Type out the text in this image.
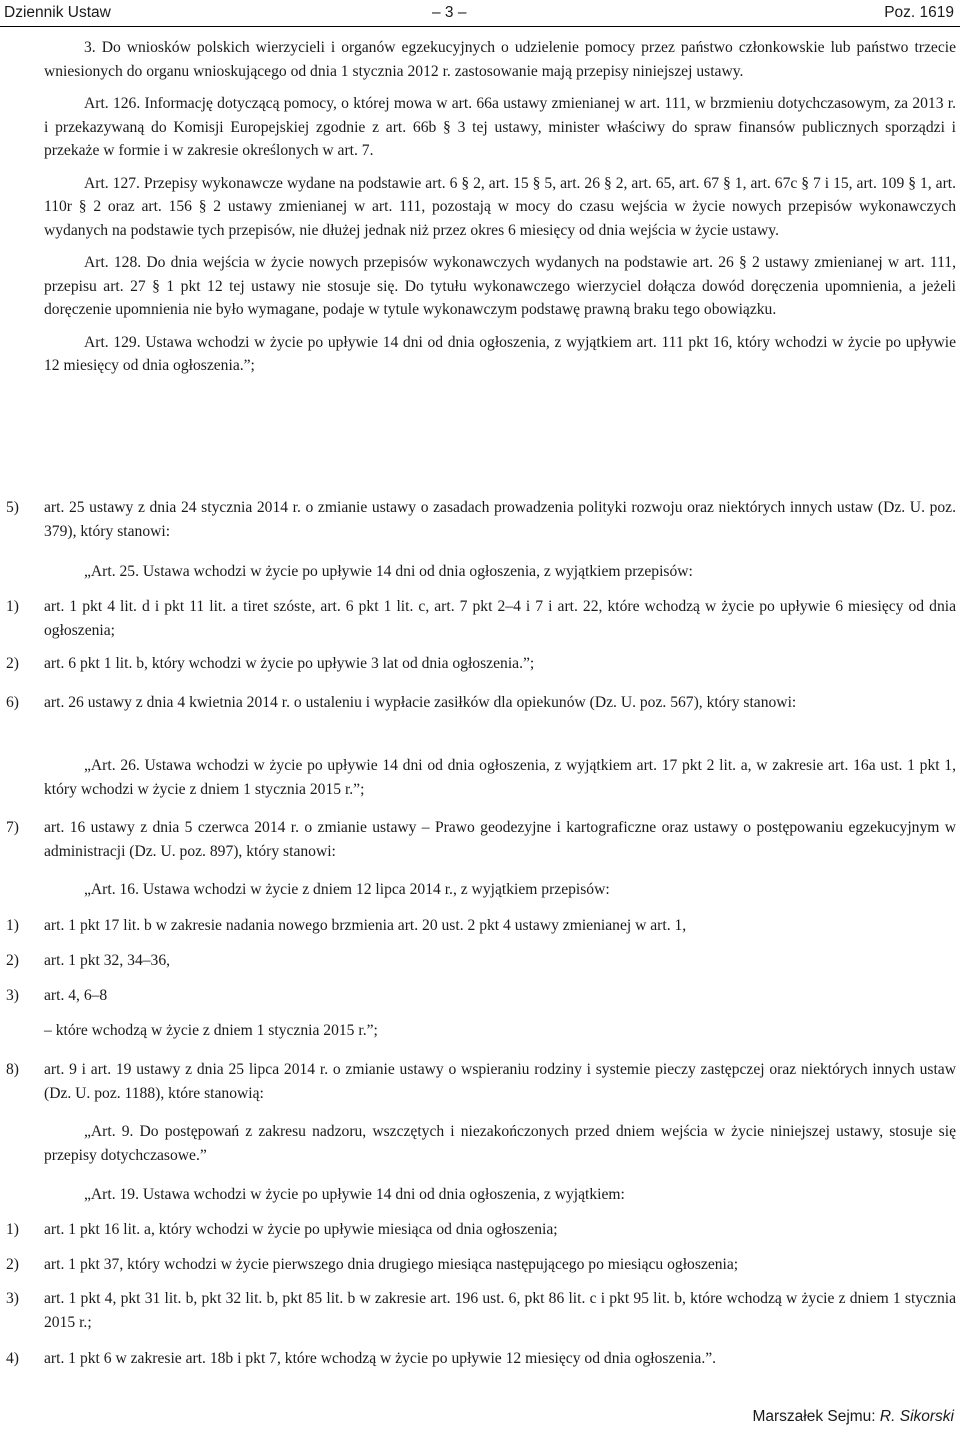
Dziennik Ustaw	– 3 –	Poz. 1619

3. Do wniosków polskich wierzycieli i organów egzekucyjnych o udzielenie pomocy przez państwo członkowskie lub państwo trzecie wniesionych do organu wnioskującego od dnia 1 stycznia 2012 r. zastosowanie mają przepisy niniejszej ustawy.

Art. 126. Informację dotyczącą pomocy, o której mowa w art. 66a ustawy zmienianej w art. 111, w brzmieniu dotychczasowym, za 2013 r. i przekazywaną do Komisji Europejskiej zgodnie z art. 66b § 3 tej ustawy, minister właściwy do spraw finansów publicznych sporządzi i przekaże w formie i w zakresie określonych w art. 7.

Art. 127. Przepisy wykonawcze wydane na podstawie art. 6 § 2, art. 15 § 5, art. 26 § 2, art. 65, art. 67 § 1, art. 67c § 7 i 15, art. 109 § 1, art. 110r § 2 oraz art. 156 § 2 ustawy zmienianej w art. 111, pozostają w mocy do czasu wejścia w życie nowych przepisów wykonawczych wydanych na podstawie tych przepisów, nie dłużej jednak niż przez okres 6 miesięcy od dnia wejścia w życie ustawy.

Art. 128. Do dnia wejścia w życie nowych przepisów wykonawczych wydanych na podstawie art. 26 § 2 ustawy zmienianej w art. 111, przepisu art. 27 § 1 pkt 12 tej ustawy nie stosuje się. Do tytułu wykonawczego wierzyciel dołącza dowód doręczenia upomnienia, a jeżeli doręczenie upomnienia nie było wymagane, podaje w tytule wykonawczym podstawę prawną braku tego obowiązku.

Art. 129. Ustawa wchodzi w życie po upływie 14 dni od dnia ogłoszenia, z wyjątkiem art. 111 pkt 16, który wchodzi w życie po upływie 12 miesięcy od dnia ogłoszenia.”;

5) art. 25 ustawy z dnia 24 stycznia 2014 r. o zmianie ustawy o zasadach prowadzenia polityki rozwoju oraz niektórych innych ustaw (Dz. U. poz. 379), który stanowi:

„Art. 25. Ustawa wchodzi w życie po upływie 14 dni od dnia ogłoszenia, z wyjątkiem przepisów:

1) art. 1 pkt 4 lit. d i pkt 11 lit. a tiret szóste, art. 6 pkt 1 lit. c, art. 7 pkt 2–4 i 7 i art. 22, które wchodzą w życie po upływie 6 miesięcy od dnia ogłoszenia;
2) art. 6 pkt 1 lit. b, który wchodzi w życie po upływie 3 lat od dnia ogłoszenia.”;
6) art. 26 ustawy z dnia 4 kwietnia 2014 r. o ustaleniu i wypłacie zasiłków dla opiekunów (Dz. U. poz. 567), który stanowi:

„Art. 26. Ustawa wchodzi w życie po upływie 14 dni od dnia ogłoszenia, z wyjątkiem art. 17 pkt 2 lit. a, w zakresie art. 16a ust. 1 pkt 1, który wchodzi w życie z dniem 1 stycznia 2015 r.”;

7) art. 16 ustawy z dnia 5 czerwca 2014 r. o zmianie ustawy – Prawo geodezyjne i kartograficzne oraz ustawy o postępowaniu egzekucyjnym w administracji (Dz. U. poz. 897), który stanowi:

„Art. 16. Ustawa wchodzi w życie z dniem 12 lipca 2014 r., z wyjątkiem przepisów:

1) art. 1 pkt 17 lit. b w zakresie nadania nowego brzmienia art. 20 ust. 2 pkt 4 ustawy zmienianej w art. 1,
2) art. 1 pkt 32, 34–36,
3) art. 4, 6–8

– które wchodzą w życie z dniem 1 stycznia 2015 r.”;

8) art. 9 i art. 19 ustawy z dnia 25 lipca 2014 r. o zmianie ustawy o wspieraniu rodziny i systemie pieczy zastępczej oraz niektórych innych ustaw (Dz. U. poz. 1188), które stanowią:

„Art. 9. Do postępowań z zakresu nadzoru, wszczętych i niezakończonych przed dniem wejścia w życie niniejszej ustawy, stosuje się przepisy dotychczasowe.”

„Art. 19. Ustawa wchodzi w życie po upływie 14 dni od dnia ogłoszenia, z wyjątkiem:

1) art. 1 pkt 16 lit. a, który wchodzi w życie po upływie miesiąca od dnia ogłoszenia;
2) art. 1 pkt 37, który wchodzi w życie pierwszego dnia drugiego miesiąca następującego po miesiącu ogłoszenia;
3) art. 1 pkt 4, pkt 31 lit. b, pkt 32 lit. b, pkt 85 lit. b w zakresie art. 196 ust. 6, pkt 86 lit. c i pkt 95 lit. b, które wchodzą w życie z dniem 1 stycznia 2015 r.;
4) art. 1 pkt 6 w zakresie art. 18b i pkt 7, które wchodzą w życie po upływie 12 miesięcy od dnia ogłoszenia.”.
Marszałek Sejmu: R. Sikorski
